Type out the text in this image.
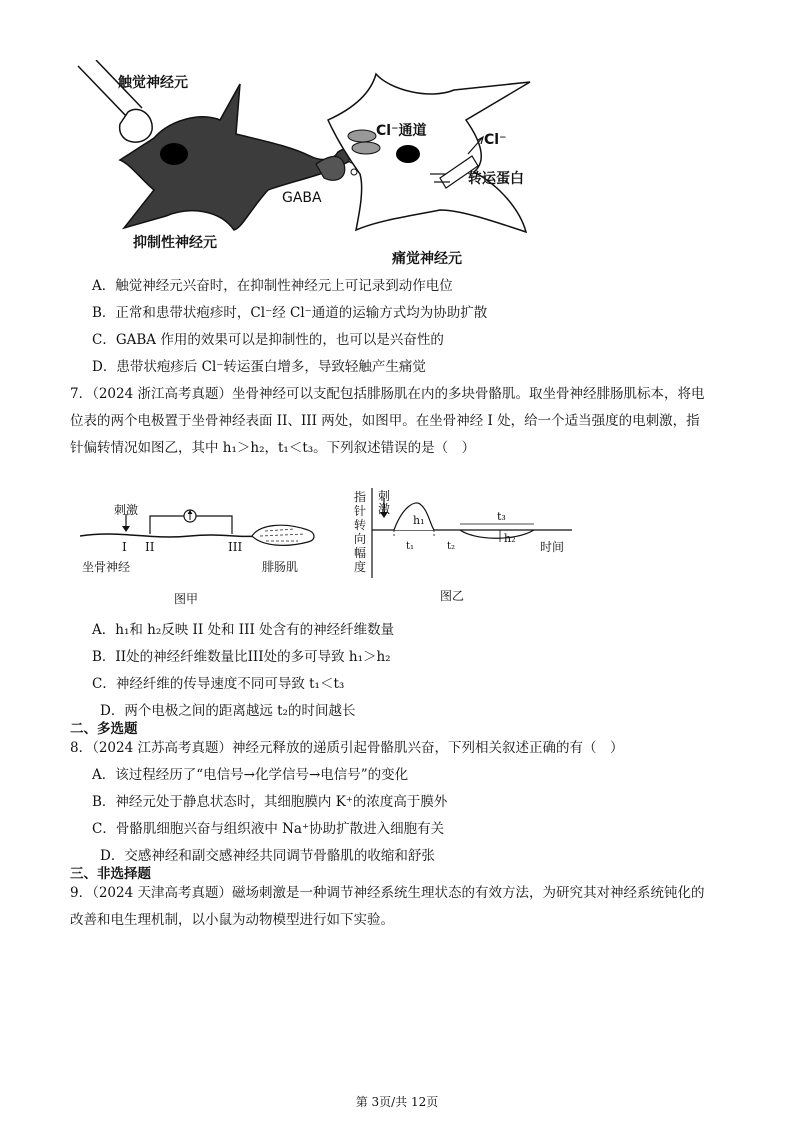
触觉神经元
Cl⁻通道
Cl⁻
转运蛋白
GABA
抑制性神经元
痛觉神经元
A．触觉神经元兴奋时，在抑制性神经元上可记录到动作电位
B．正常和患带状疱疹时，Cl⁻经 Cl⁻通道的运输方式均为协助扩散
C．GABA 作用的效果可以是抑制性的，也可以是兴奋性的
D．患带状疱疹后 Cl⁻转运蛋白增多，导致轻触产生痛觉
7．（2024 浙江高考真题）坐骨神经可以支配包括腓肠肌在内的多块骨骼肌。取坐骨神经腓肠肌标本，将电
位表的两个电极置于坐骨神经表面 II、III 两处，如图甲。在坐骨神经 I 处，给一个适当强度的电刺激，指
针偏转情况如图乙，其中 h₁＞h₂，t₁＜t₃。下列叙述错误的是（　）
刺激
I II	III
坐骨神经	腓肠肌
图甲
指针转向幅度
刺激
h₁
h₂
t₁	t₂
t₃
时间
图乙
A．h₁和 h₂反映 II 处和 III 处含有的神经纤维数量
B．II处的神经纤维数量比III处的多可导致 h₁＞h₂
C．神经纤维的传导速度不同可导致 t₁＜t₃
D．两个电极之间的距离越远 t₂的时间越长
二、多选题
8．（2024 江苏高考真题）神经元释放的递质引起骨骼肌兴奋，下列相关叙述正确的有（　）
A．该过程经历了“电信号→化学信号→电信号”的变化
B．神经元处于静息状态时，其细胞膜内 K⁺的浓度高于膜外
C．骨骼肌细胞兴奋与组织液中 Na⁺协助扩散进入细胞有关
D．交感神经和副交感神经共同调节骨骼肌的收缩和舒张
三、非选择题
9．（2024 天津高考真题）磁场刺激是一种调节神经系统生理状态的有效方法，为研究其对神经系统钝化的
改善和电生理机制，以小鼠为动物模型进行如下实验。
第 3页/共 12页
